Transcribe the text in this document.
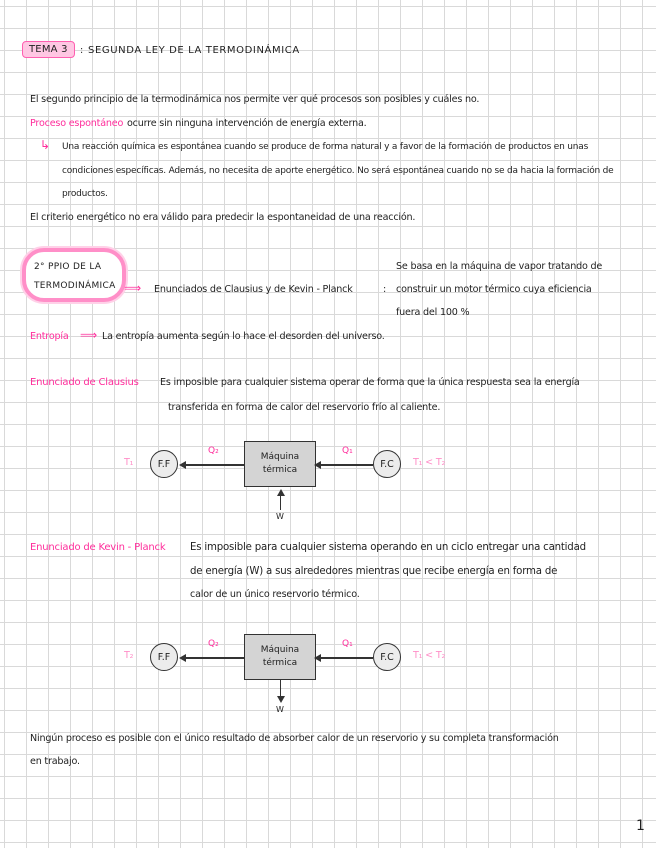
TEMA 3	: SEGUNDA LEY DE LA TERMODINÁMICA
El segundo principio de la termodinámica nos permite ver qué procesos son posibles y cuáles no.
Proceso espontáneo ocurre sin ninguna intervención de energía externa.
↳ Una reacción química es espontánea cuando se produce de forma natural y a favor de la formación de productos en unas
condiciones específicas. Además, no necesita de aporte energético. No será espontánea cuando no se da hacia la formación de
productos.
El criterio energético no era válido para predecir la espontaneidad de una reacción.
2° PPIO DE LA
TERMODINÁMICA ⟹ Enunciados de Clausius y de Kevin - Planck	:
Se basa en la máquina de vapor tratando de
construir un motor térmico cuya eficiencia
fuera del 100 %
Entropía ⟹ La entropía aumenta según lo hace el desorden del universo.
Enunciado de Clausius Es imposible para cualquier sistema operar de forma que la única respuesta sea la energía
transferida en forma de calor del reservorio frío al caliente.
T₁	F.F
Q₂
Máquina
térmica
Q₁
F.C T₁ < T₂
W
Enunciado de Kevin - Planck Es imposible para cualquier sistema operando en un ciclo entregar una cantidad
de energía (W) a sus alrededores mientras que recibe energía en forma de
calor de un único reservorio térmico.
T₂	F.F
Q₂
Máquina
térmica
Q₁
F.C T₁ < T₂
W
Ningún proceso es posible con el único resultado de absorber calor de un reservorio y su completa transformación
en trabajo.
1
